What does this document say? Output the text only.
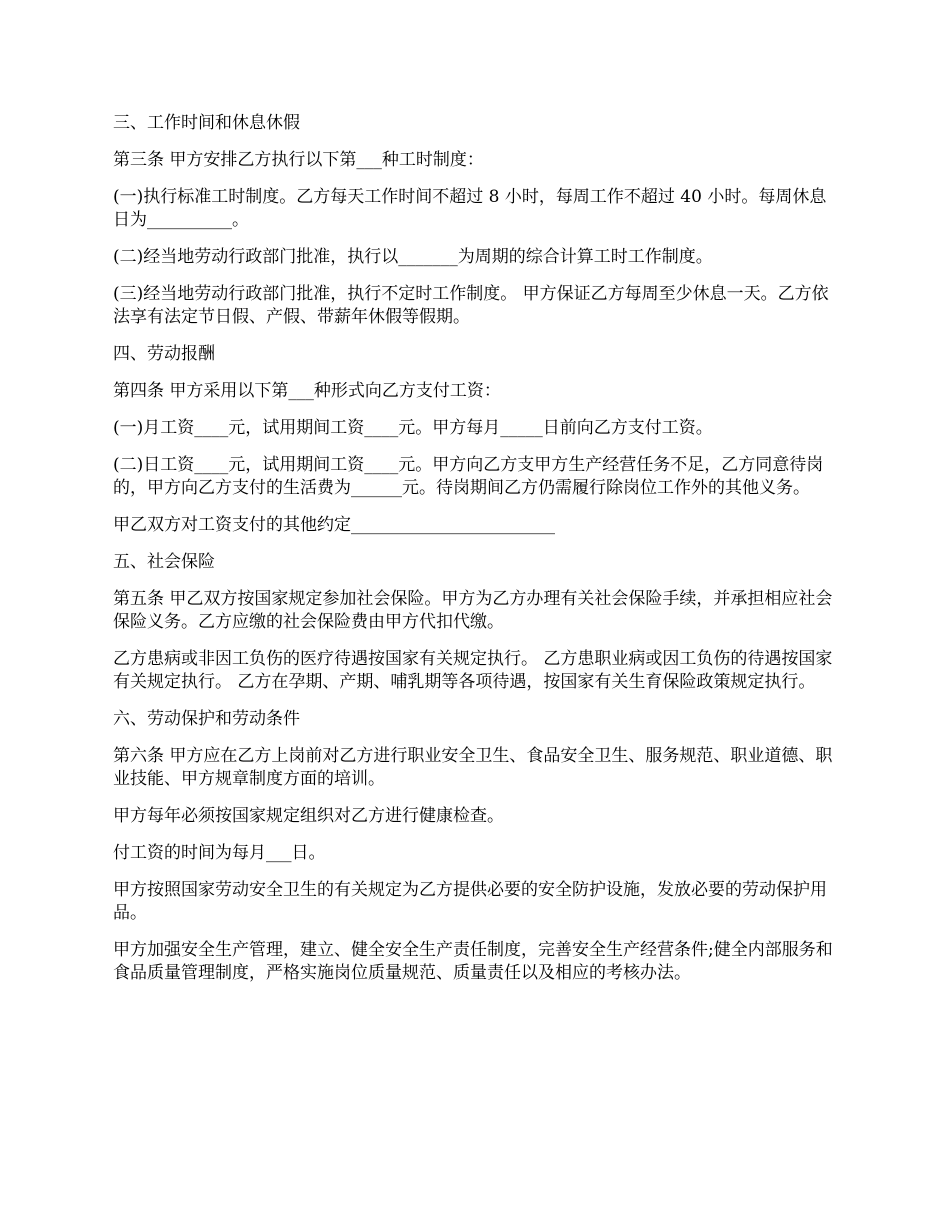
三、工作时间和休息休假

第三条 甲方安排乙方执行以下第___种工时制度：

(一)执行标准工时制度。乙方每天工作时间不超过 8 小时，每周工作不超过 40 小时。每周休息日为__________。

(二)经当地劳动行政部门批准，执行以_______为周期的综合计算工时工作制度。

(三)经当地劳动行政部门批准，执行不定时工作制度。 甲方保证乙方每周至少休息一天。乙方依法享有法定节日假、产假、带薪年休假等假期。

四、劳动报酬

第四条 甲方采用以下第___种形式向乙方支付工资：

(一)月工资____元，试用期间工资____元。甲方每月_____日前向乙方支付工资。

(二)日工资____元，试用期间工资____元。甲方向乙方支甲方生产经营任务不足，乙方同意待岗的，甲方向乙方支付的生活费为______元。待岗期间乙方仍需履行除岗位工作外的其他义务。

甲乙双方对工资支付的其他约定________________________

五、社会保险

第五条 甲乙双方按国家规定参加社会保险。甲方为乙方办理有关社会保险手续，并承担相应社会保险义务。乙方应缴的社会保险费由甲方代扣代缴。

乙方患病或非因工负伤的医疗待遇按国家有关规定执行。 乙方患职业病或因工负伤的待遇按国家有关规定执行。 乙方在孕期、产期、哺乳期等各项待遇，按国家有关生育保险政策规定执行。

六、劳动保护和劳动条件

第六条 甲方应在乙方上岗前对乙方进行职业安全卫生、食品安全卫生、服务规范、职业道德、职业技能、甲方规章制度方面的培训。

甲方每年必须按国家规定组织对乙方进行健康检查。

付工资的时间为每月___日。

甲方按照国家劳动安全卫生的有关规定为乙方提供必要的安全防护设施，发放必要的劳动保护用品。

甲方加强安全生产管理，建立、健全安全生产责任制度，完善安全生产经营条件;健全内部服务和食品质量管理制度，严格实施岗位质量规范、质量责任以及相应的考核办法。
